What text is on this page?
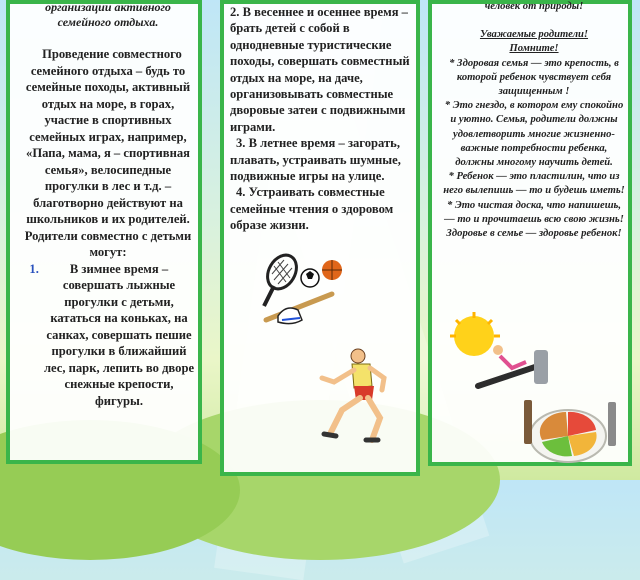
организации активного семейного отдыха.
Проведение совместного семейного отдыха – будь то семейные походы, активный отдых на море, в горах, участие в спортивных семейных играх, например, «Папа, мама, я – спортивная семья», велосипедные прогулки в лес и т.д. – благотворно действуют на школьников и их родителей. Родители совместно с детьми могут:
1. В зимнее время – совершать лыжные прогулки с детьми, кататься на коньках, на санках, совершать пешие прогулки в ближайший лес, парк, лепить во дворе снежные крепости, фигуры.
2. В весеннее и осеннее время – брать детей с собой в однодневные туристические походы, совершать совместный отдых на море, на даче, организовывать совместные дворовые затеи с подвижными играми.
3. В летнее время – загорать, плавать, устраивать шумные, подвижные игры на улице.
4. Устраивать совместные семейные чтения о здоровом образе жизни.
человек от природы!
Уважаемые родители!
Помните!
* Здоровая семья — это крепость, в которой ребенок чувствует себя защищенным !
* Это гнездо, в котором ему спокойно и уютно. Семья, родители должны удовлетворить многие жизненно-важные потребности ребенка, должны многому научить детей.
* Ребенок — это пластилин, что из него вылепишь — то и будешь иметь!
* Это чистая доска, что напишешь, — то и прочитаешь всю свою жизнь!
Здоровье в семье — здоровье ребенок!
